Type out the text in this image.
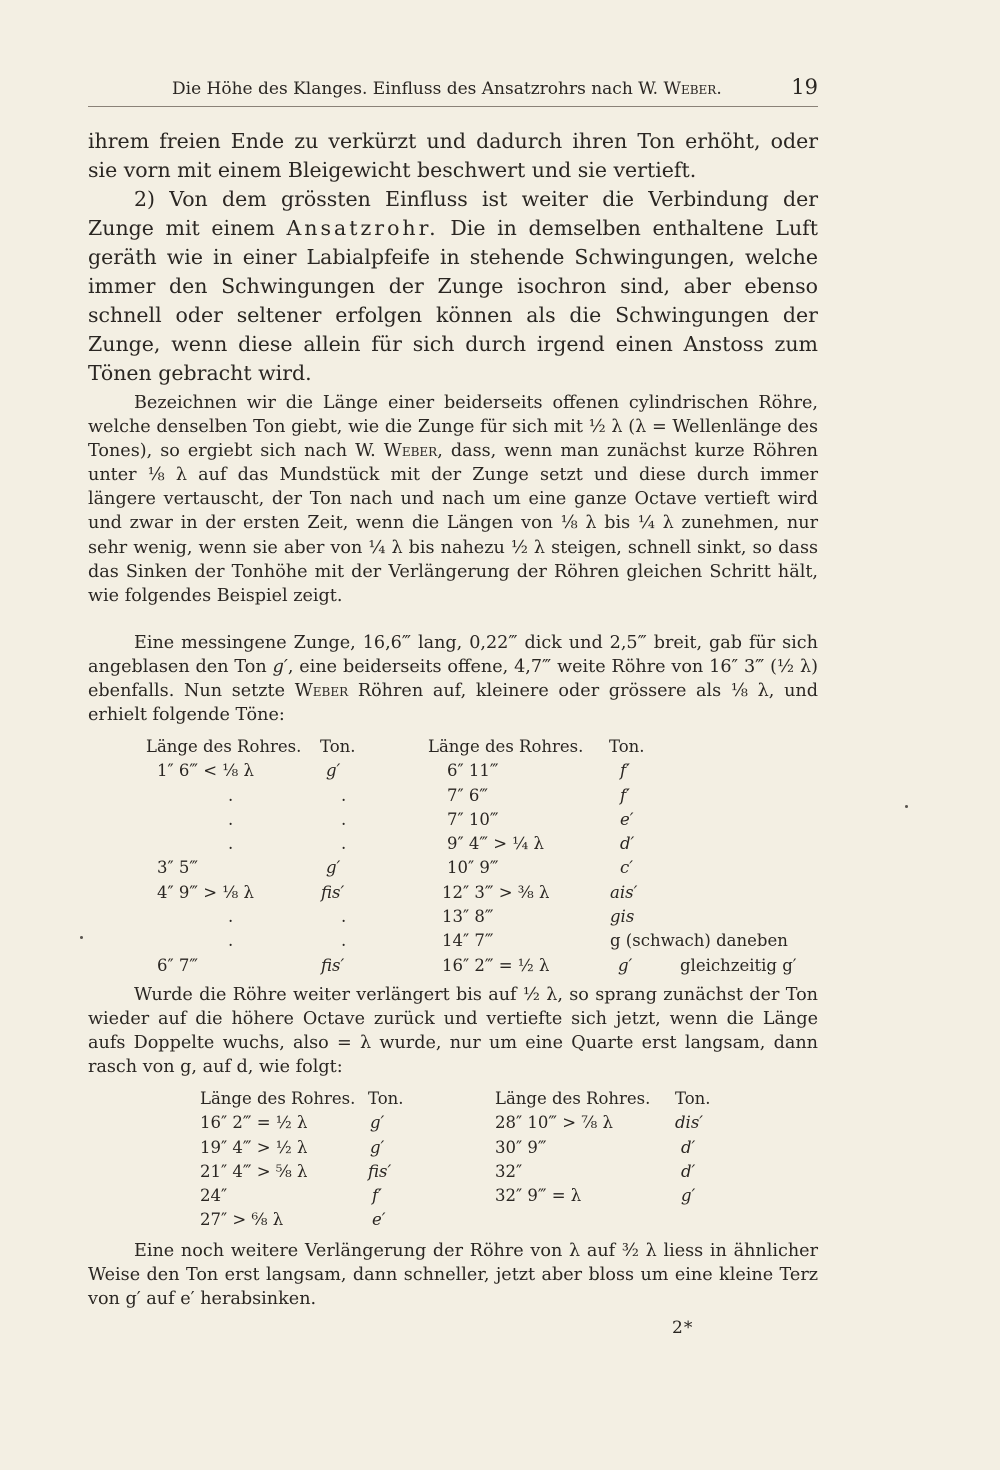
Die Höhe des Klanges. Einfluss des Ansatzrohrs nach W. Weber.	19
ihrem freien Ende zu verkürzt und dadurch ihren Ton erhöht, oder
sie vorn mit einem Bleigewicht beschwert und sie vertieft.
2) Von dem grössten Einfluss ist weiter die Verbindung der Zunge mit einem Ansatzrohr. Die in demselben enthaltene Luft geräth wie in einer Labialpfeife in stehende Schwingungen, welche immer den Schwingungen der Zunge isochron sind, aber ebenso schnell oder seltener erfolgen können als die Schwingungen der Zunge, wenn diese allein für sich durch irgend einen Anstoss zum Tönen gebracht wird.
Bezeichnen wir die Länge einer beiderseits offenen cylindrischen Röhre, welche denselben Ton giebt, wie die Zunge für sich mit ½ λ (λ = Wellenlänge des Tones), so ergiebt sich nach W. Weber, dass, wenn man zunächst kurze Röhren unter ⅛ λ auf das Mundstück mit der Zunge setzt und diese durch immer längere vertauscht, der Ton nach und nach um eine ganze Octave vertieft wird und zwar in der ersten Zeit, wenn die Längen von ⅛ λ bis ¼ λ zunehmen, nur sehr wenig, wenn sie aber von ¼ λ bis nahezu ½ λ steigen, schnell sinkt, so dass das Sinken der Tonhöhe mit der Verlängerung der Röhren gleichen Schritt hält, wie folgendes Beispiel zeigt.
Eine messingene Zunge, 16,6‴ lang, 0,22‴ dick und 2,5‴ breit, gab für sich angeblasen den Ton g′, eine beiderseits offene, 4,7‴ weite Röhre von 16″ 3‴ (½ λ) ebenfalls. Nun setzte Weber Röhren auf, kleinere oder grössere als ⅛ λ, und erhielt folgende Töne:
Länge des Rohres. Ton.	Länge des Rohres. Ton.
1″ 6‴ < ⅛ λ	g′	6″ 11‴	f′
.	.	7″ 6‴	f′
.	.	7″ 10‴	e′
.	.	9″ 4‴ > ¼ λ	d′
3″ 5‴	g′	10″ 9‴	c′
4″ 9‴ > ⅛ λ	fis′	12″ 3‴ > ⅜ λ	ais′
.	.	13″ 8‴	gis
.	.	14″ 7‴	g (schwach) daneben
6″ 7‴	fis′	16″ 2‴ = ½ λ	g′	gleichzeitig g′
Wurde die Röhre weiter verlängert bis auf ½ λ, so sprang zunächst der Ton wieder auf die höhere Octave zurück und vertiefte sich jetzt, wenn die Länge aufs Doppelte wuchs, also = λ wurde, nur um eine Quarte erst langsam, dann rasch von g, auf d, wie folgt:
Länge des Rohres. Ton.	Länge des Rohres. Ton.
16″ 2‴ = ½ λ	g′	28″ 10‴ > ⅞ λ	dis′
19″ 4‴ > ½ λ	g′	30″ 9‴	d′
21″ 4‴ > ⅝ λ	fis′	32″	d′
24″	f′	32″ 9‴ = λ	g′
27″ > ⁶⁄₈ λ	e′
Eine noch weitere Verlängerung der Röhre von λ auf ³⁄₂ λ liess in ähnlicher Weise den Ton erst langsam, dann schneller, jetzt aber bloss um eine kleine Terz von g′ auf e′ herabsinken.
2*
